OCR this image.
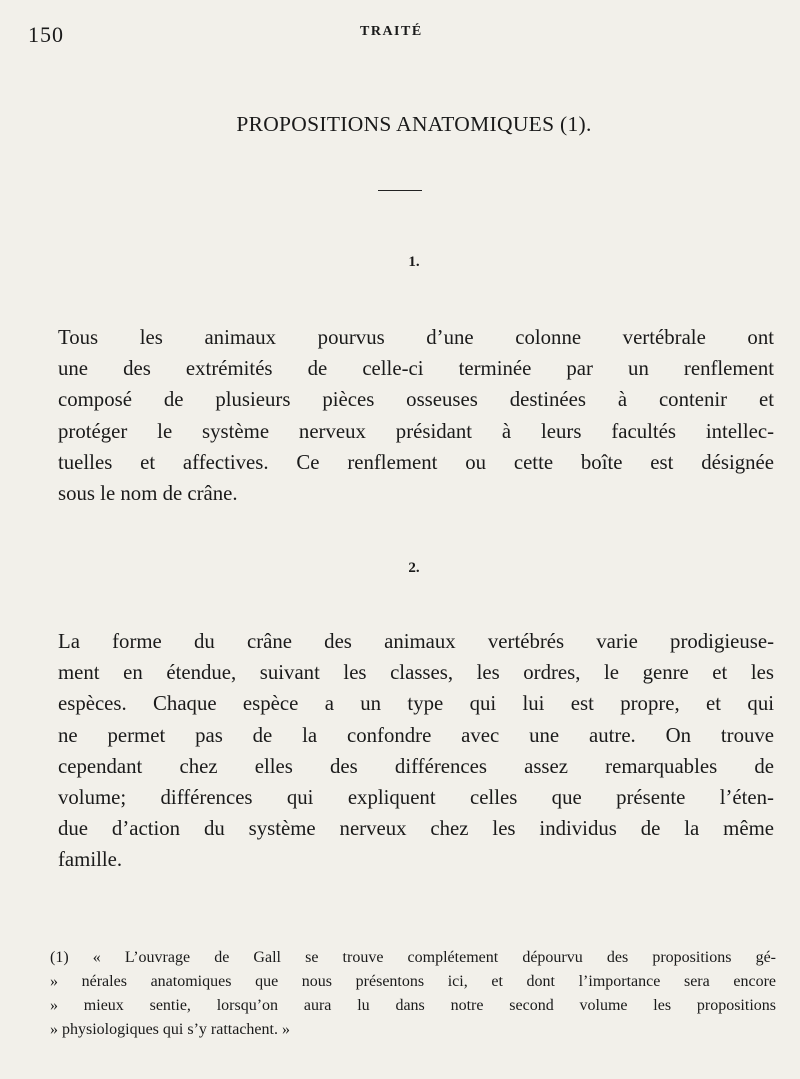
150	TRAITÉ
PROPOSITIONS ANATOMIQUES (1).
1.
Tous les animaux pourvus d’une colonne vertébrale ont
une des extrémités de celle-ci terminée par un renflement
composé de plusieurs pièces osseuses destinées à contenir et
protéger le système nerveux présidant à leurs facultés intellec-
tuelles et affectives. Ce renflement ou cette boîte est désignée
sous le nom de crâne.
2.
La forme du crâne des animaux vertébrés varie prodigieuse-
ment en étendue, suivant les classes, les ordres, le genre et les
espèces. Chaque espèce a un type qui lui est propre, et qui
ne permet pas de la confondre avec une autre. On trouve
cependant chez elles des différences assez remarquables de
volume; différences qui expliquent celles que présente l’éten-
due d’action du système nerveux chez les individus de la même
famille.
(1) « L’ouvrage de Gall se trouve complétement dépourvu des propositions gé-
» nérales anatomiques que nous présentons ici, et dont l’importance sera encore
» mieux sentie, lorsqu’on aura lu dans notre second volume les propositions
» physiologiques qui s’y rattachent. »
